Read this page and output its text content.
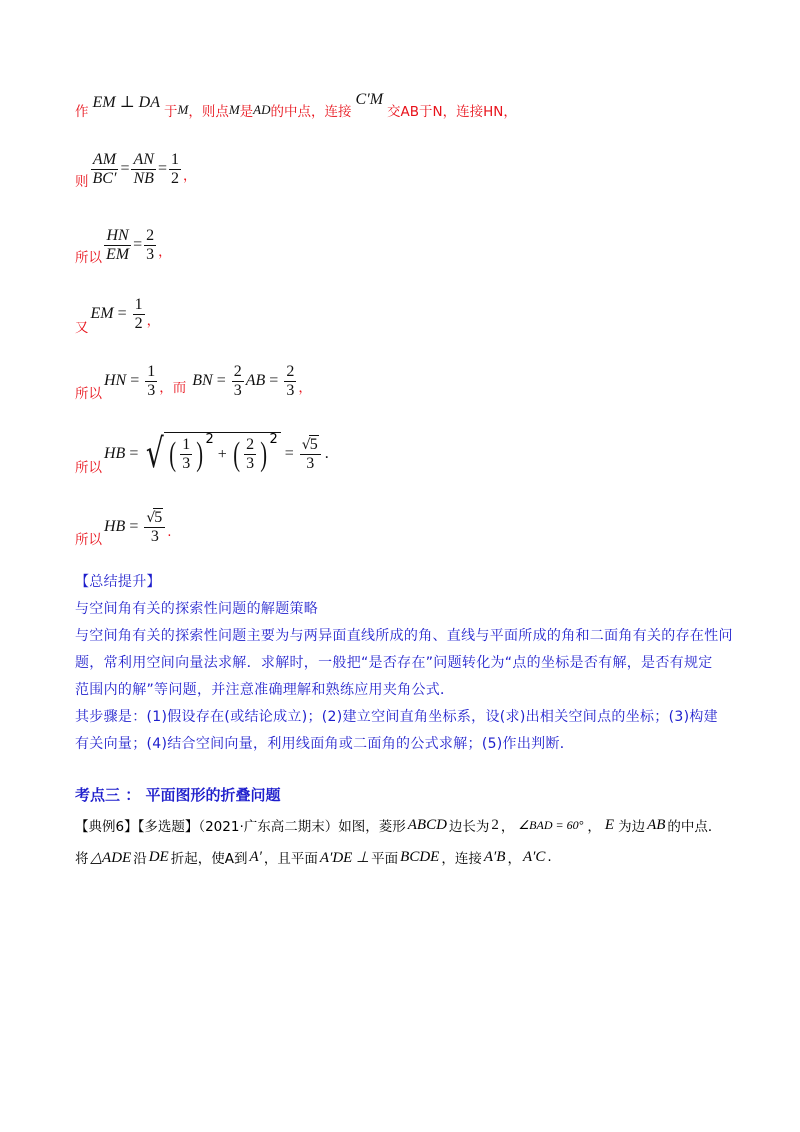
作
EM ⊥ DA
于 M ，则点 M 是 AD 的中点，连接
C′M
交AB于N，连接HN，
则 $\frac{AM}{BC'} = \frac{AN}{NB} = \frac{1}{2}$ ，
所以 $\frac{HN}{EM} = \frac{2}{3}$ ，
又
EM = $\frac{1}{2}$ ，
所以
HN = $\frac{1}{3}$ ，而 BN = $\frac{2}{3}$ AB = $\frac{2}{3}$ ，
所以
HB = √ ( $\frac{1}{3}$ ) 2
+ ( $\frac{2}{3}$ ) 2
= $\frac{√5}{3}$ .
所以
HB = $\frac{√5}{3}$ .
【总结提升】
与空间角有关的探索性问题的解题策略
与空间角有关的探索性问题主要为与两异面直线所成的角、直线与平面所成的角和二面角有关的存在性问
题，常利用空间向量法求解．求解时，一般把“是否存在”问题转化为“点的坐标是否有解，是否有规定
范围内的解”等问题，并注意准确理解和熟练应用夹角公式．
其步骤是：(1)假设存在(或结论成立)；(2)建立空间直角坐标系，设(求)出相关空间点的坐标；(3)构建
有关向量；(4)结合空间向量，利用线面角或二面角的公式求解；(5)作出判断．
考点三 ： 平面图形的折叠问题
【典例6】【多选题】（2021·广东高二期末）如图，菱形 ABCD 边长为 2 ， ∠BAD = 60° ， E 为边 AB 的中点．
将 △ADE 沿 DE 折起，使A到 A′ ，且平面 A′DE ⊥ 平面 BCDE ，连接 A′B ， A′C .
